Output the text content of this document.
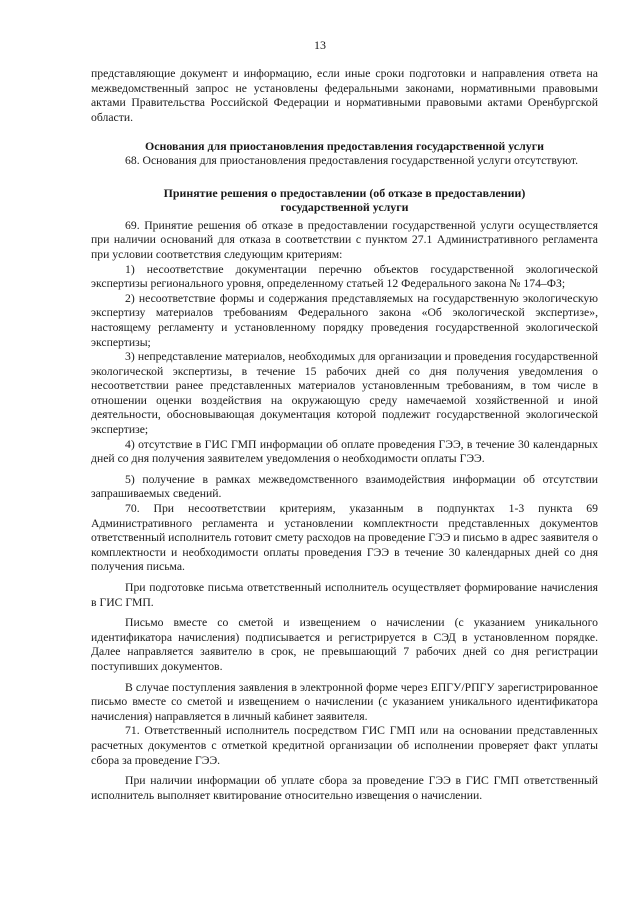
13

представляющие документ и информацию, если иные сроки подготовки и направления ответа на межведомственный запрос не установлены федеральными законами, нормативными правовыми актами Правительства Российской Федерации и нормативными правовыми актами Оренбургской области.

Основания для приостановления предоставления государственной услуги

68. Основания для приостановления предоставления государственной услуги отсутствуют.

Принятие решения о предоставлении (об отказе в предоставлении)
государственной услуги

69. Принятие решения об отказе в предоставлении государственной услуги осуществляется при наличии оснований для отказа в соответствии с пунктом 27.1 Административного регламента при условии соответствия следующим критериям:

1) несоответствие документации перечню объектов государственной экологической экспертизы регионального уровня, определенному статьей 12 Федерального закона № 174–ФЗ;

2) несоответствие формы и содержания представляемых на государственную экологическую экспертизу материалов требованиям Федерального закона «Об экологической экспертизе», настоящему регламенту и установленному порядку проведения государственной экологической экспертизы;

3) непредставление материалов, необходимых для организации и проведения государственной экологической экспертизы, в течение 15 рабочих дней со дня получения уведомления о несоответствии ранее представленных материалов установленным требованиям, в том числе в отношении оценки воздействия на окружающую среду намечаемой хозяйственной и иной деятельности, обосновывающая документация которой подлежит государственной экологической экспертизе;

4) отсутствие в ГИС ГМП информации об оплате проведения ГЭЭ, в течение 30 календарных дней со дня получения заявителем уведомления о необходимости оплаты ГЭЭ.

5) получение в рамках межведомственного взаимодействия информации об отсутствии запрашиваемых сведений.

70. При несоответствии критериям, указанным в подпунктах 1-3 пункта 69 Административного регламента и установлении комплектности представленных документов ответственный исполнитель готовит смету расходов на проведение ГЭЭ и письмо в адрес заявителя о комплектности и необходимости оплаты проведения ГЭЭ в течение 30 календарных дней со дня получения письма.

При подготовке письма ответственный исполнитель осуществляет формирование начисления в ГИС ГМП.

Письмо вместе со сметой и извещением о начислении (с указанием уникального идентификатора начисления) подписывается и регистрируется в СЭД в установленном порядке. Далее направляется заявителю в срок, не превышающий 7 рабочих дней со дня регистрации поступивших документов.

В случае поступления заявления в электронной форме через ЕПГУ/РПГУ зарегистрированное письмо вместе со сметой и извещением о начислении (с указанием уникального идентификатора начисления) направляется в личный кабинет заявителя.

71. Ответственный исполнитель посредством ГИС ГМП или на основании представленных расчетных документов с отметкой кредитной организации об исполнении проверяет факт уплаты сбора за проведение ГЭЭ.

При наличии информации об уплате сбора за проведение ГЭЭ в ГИС ГМП ответственный исполнитель выполняет квитирование относительно извещения о начислении.
